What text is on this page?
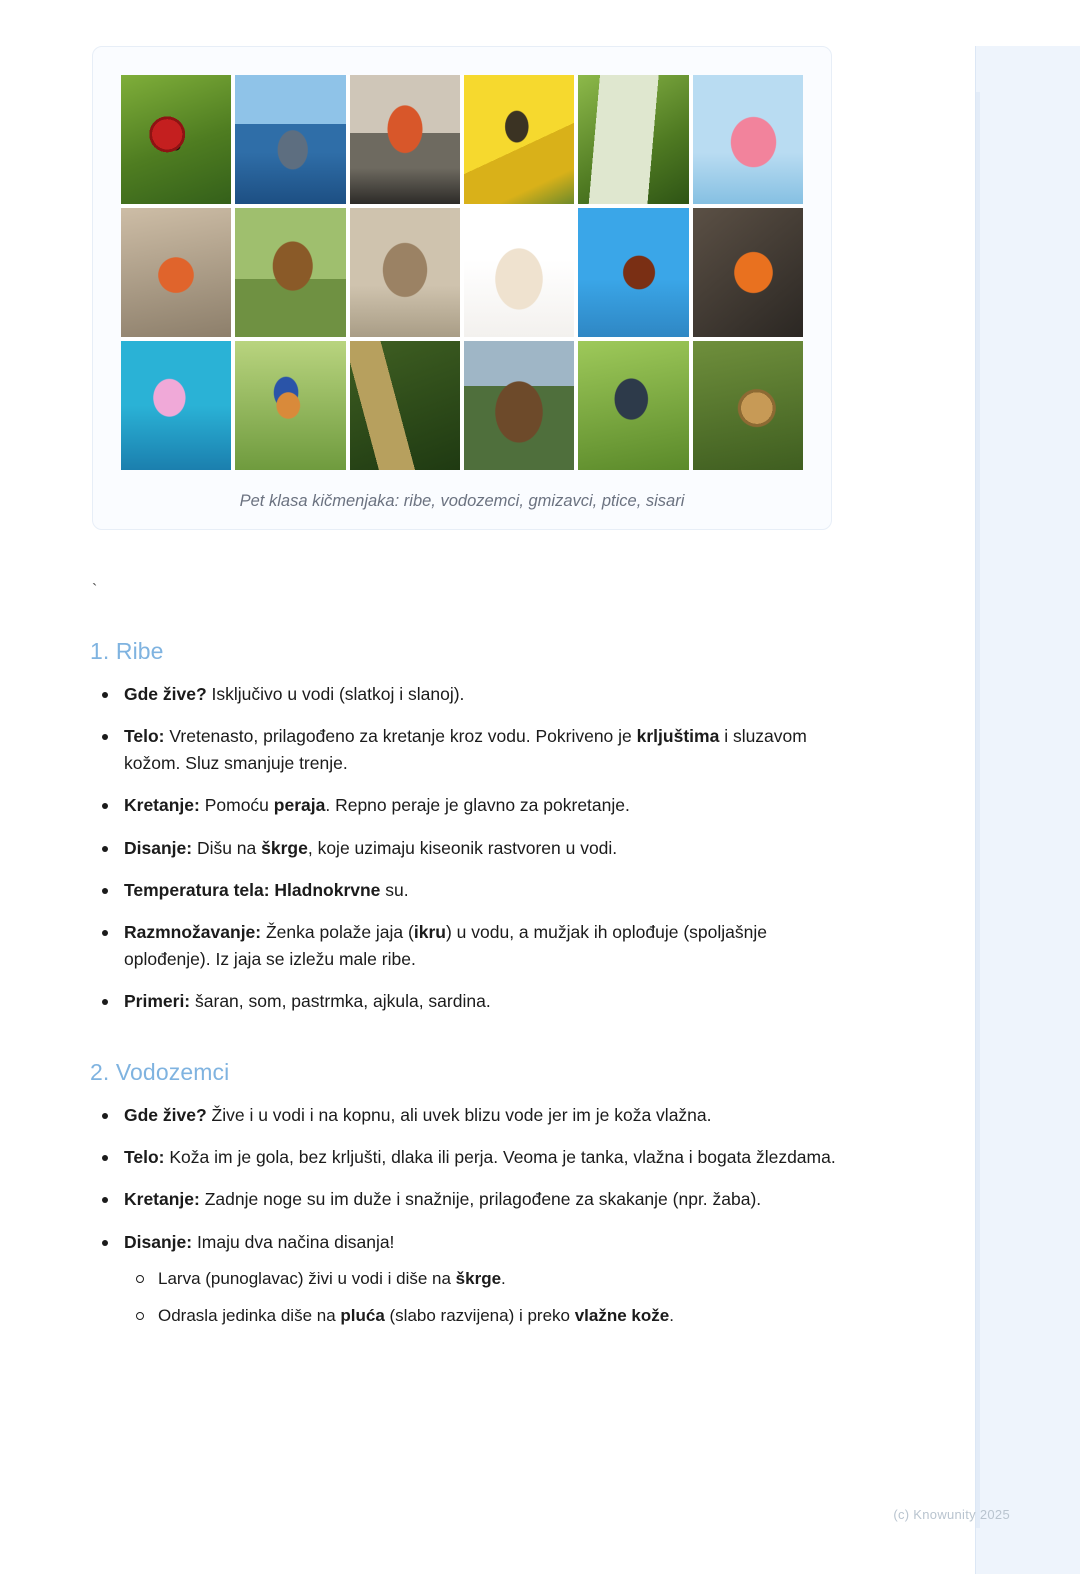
Pet klasa kičmenjaka: ribe, vodozemci, gmizavci, ptice, sisari
`
1. Ribe
Gde žive? Isključivo u vodi (slatkoj i slanoj).
Telo: Vretenasto, prilagođeno za kretanje kroz vodu. Pokriveno je krljuštima i sluzavom kožom. Sluz smanjuje trenje.
Kretanje: Pomoću peraja. Repno peraje je glavno za pokretanje.
Disanje: Dišu na škrge, koje uzimaju kiseonik rastvoren u vodi.
Temperatura tela: Hladnokrvne su.
Razmnožavanje: Ženka polaže jaja (ikru) u vodu, a mužjak ih oplođuje (spoljašnje oplođenje). Iz jaja se izležu male ribe.
Primeri: šaran, som, pastrmka, ajkula, sardina.
2. Vodozemci
Gde žive? Žive i u vodi i na kopnu, ali uvek blizu vode jer im je koža vlažna.
Telo: Koža im je gola, bez krljušti, dlaka ili perja. Veoma je tanka, vlažna i bogata žlezdama.
Kretanje: Zadnje noge su im duže i snažnije, prilagođene za skakanje (npr. žaba).
Disanje: Imaju dva načina disanja!
Larva (punoglavac) živi u vodi i diše na škrge.
Odrasla jedinka diše na pluća (slabo razvijena) i preko vlažne kože.
(c) Knowunity 2025
